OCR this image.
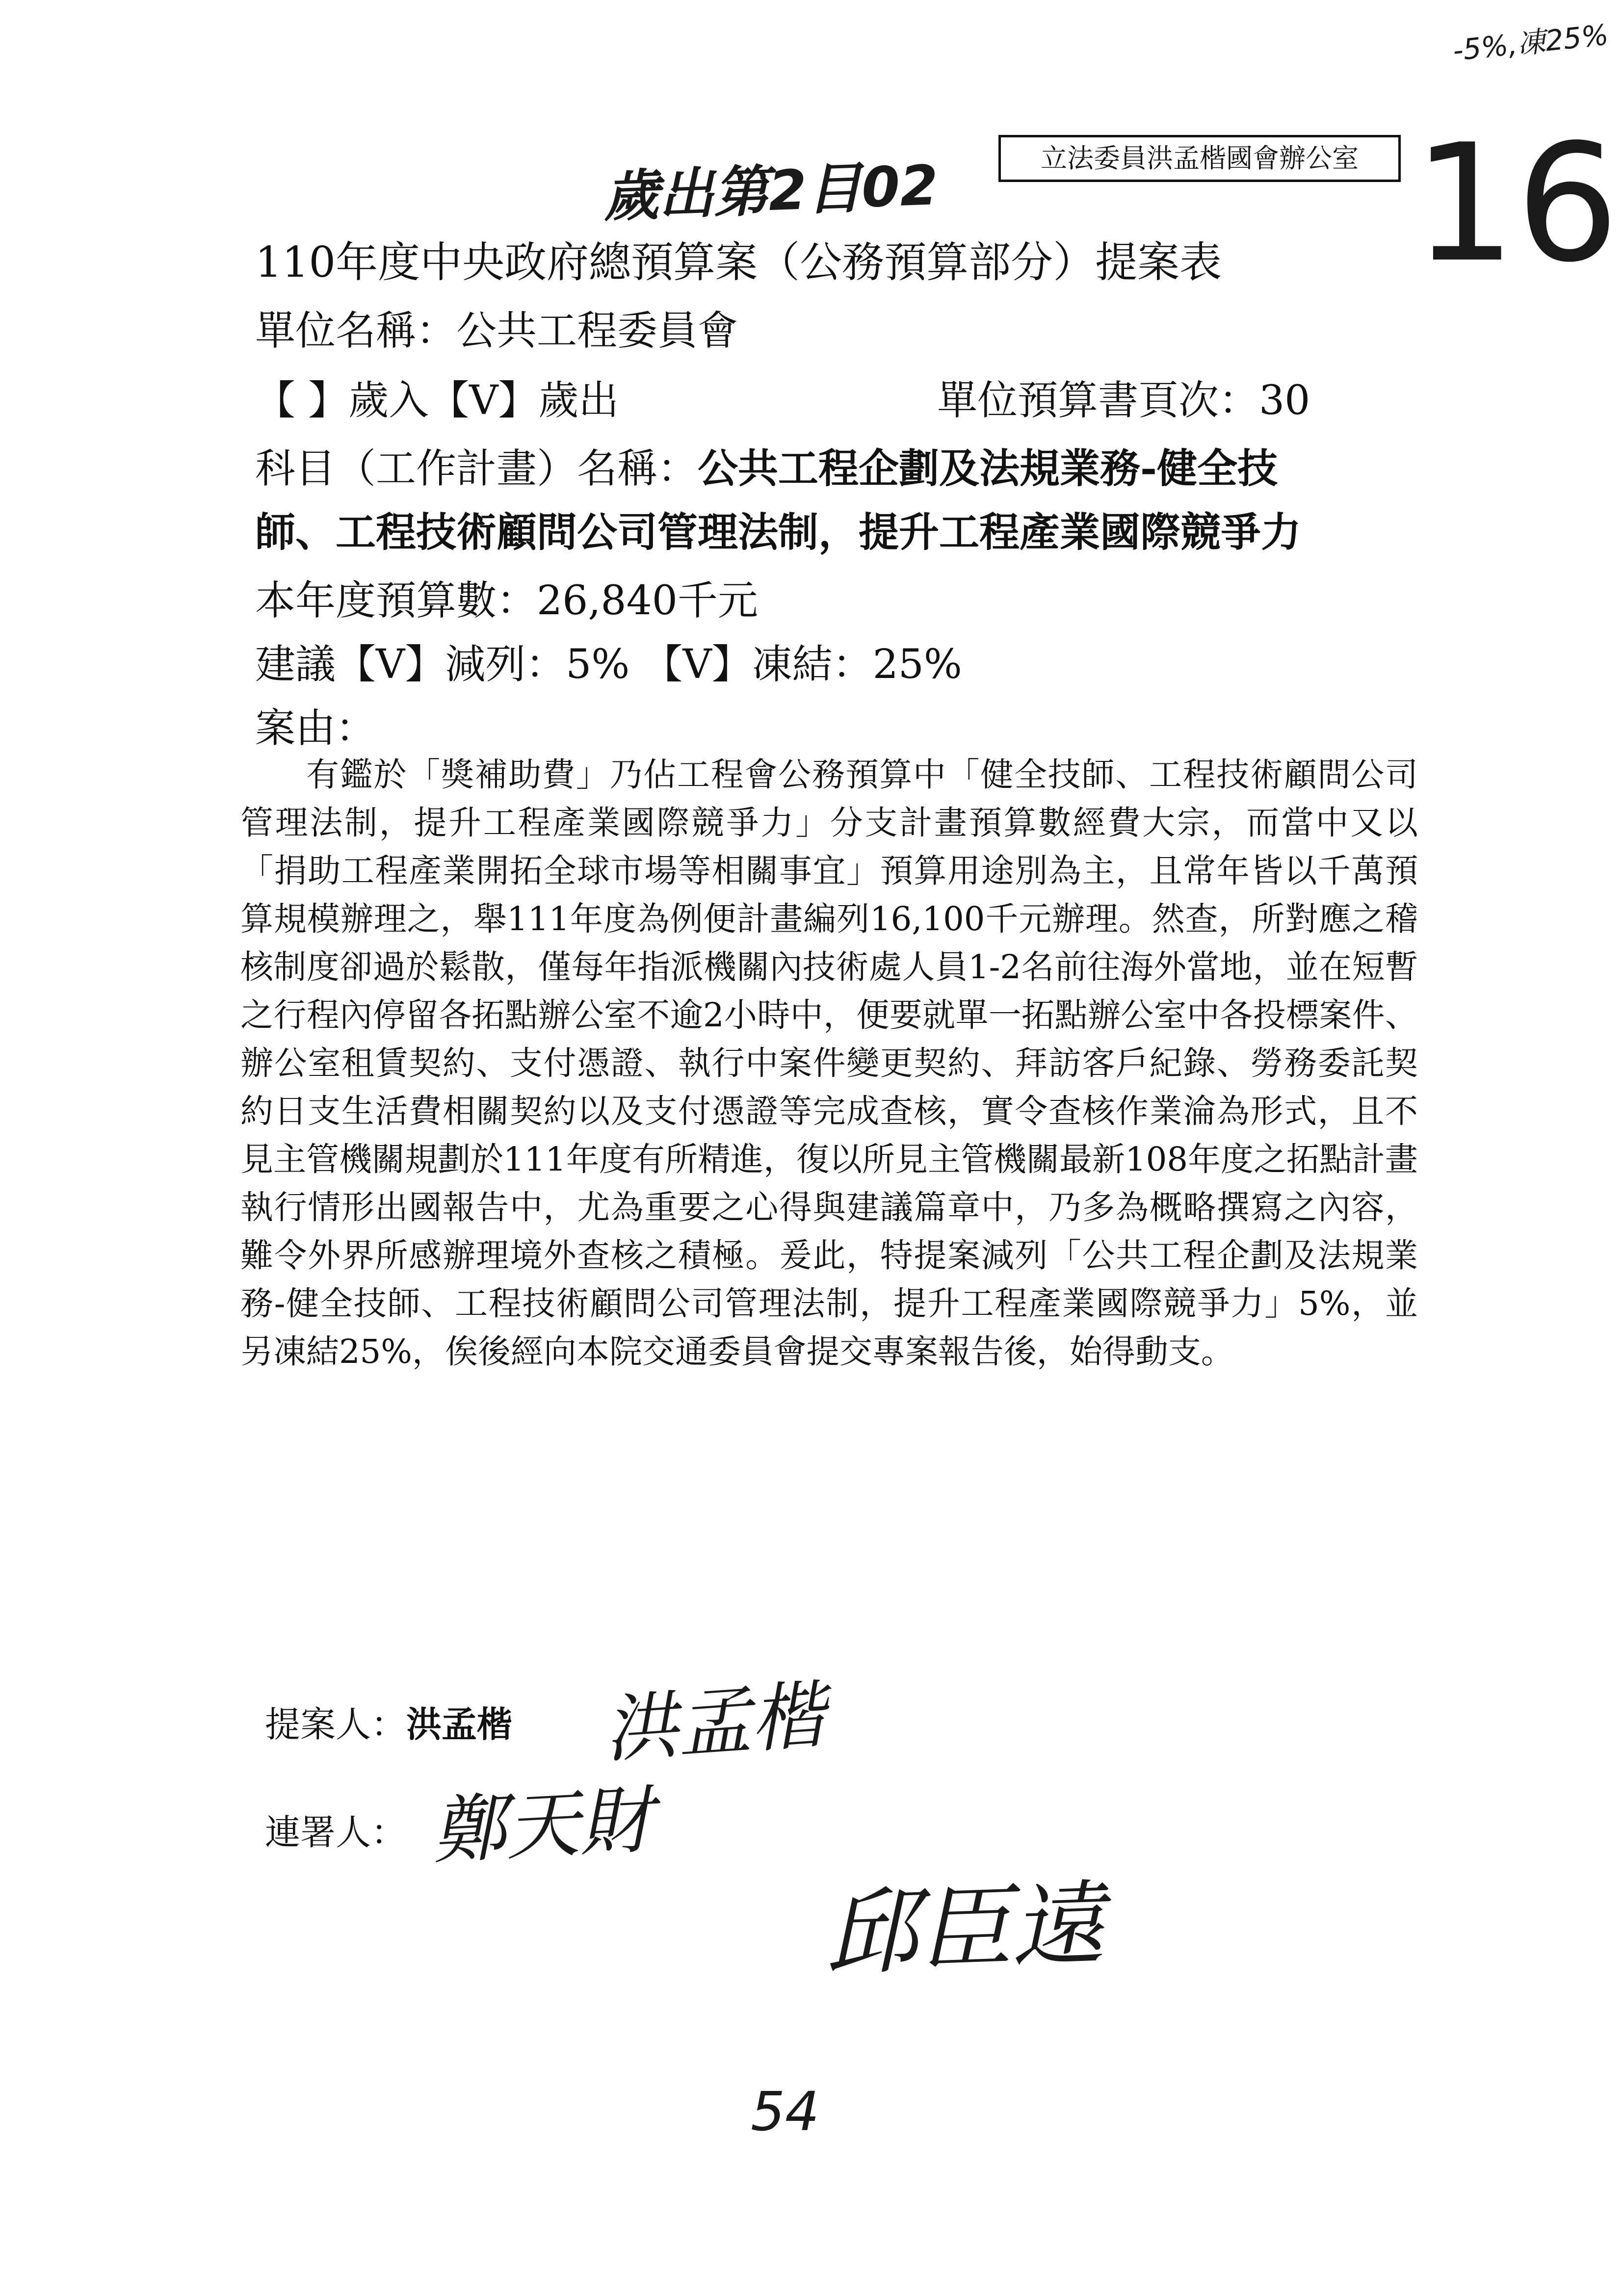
-5%,凍25%
立法委員洪孟楷國會辦公室
歲出第2目02	16
110年度中央政府總預算案（公務預算部分）提案表
單位名稱：公共工程委員會
【 】歲入【V】歲出	單位預算書頁次：30
科目（工作計畫）名稱：公共工程企劃及法規業務-健全技
師、工程技術顧問公司管理法制，提升工程產業國際競爭力
本年度預算數：26,840千元
建議【V】減列：5% 【V】凍結：25%
案由：

有鑑於「獎補助費」乃佔工程會公務預算中「健全技師、工程技術顧問公司管理法制，提升工程產業國際競爭力」分支計畫預算數經費大宗，而當中又以「捐助工程產業開拓全球市場等相關事宜」預算用途別為主，且常年皆以千萬預算規模辦理之，舉111年度為例便計畫編列16,100千元辦理。然查，所對應之稽核制度卻過於鬆散，僅每年指派機關內技術處人員1-2名前往海外當地，並在短暫之行程內停留各拓點辦公室不逾2小時中，便要就單一拓點辦公室中各投標案件、辦公室租賃契約、支付憑證、執行中案件變更契約、拜訪客戶紀錄、勞務委託契約日支生活費相關契約以及支付憑證等完成查核，實令查核作業淪為形式，且不見主管機關規劃於111年度有所精進，復以所見主管機關最新108年度之拓點計畫執行情形出國報告中，尤為重要之心得與建議篇章中，乃多為概略撰寫之內容，難令外界所感辦理境外查核之積極。爰此，特提案減列「公共工程企劃及法規業務-健全技師、工程技術顧問公司管理法制，提升工程產業國際競爭力」5%，並另凍結25%，俟後經向本院交通委員會提交專案報告後，始得動支。

提案人：洪孟楷 洪孟楷
連署人： 鄭天財
邱臣遠
54
